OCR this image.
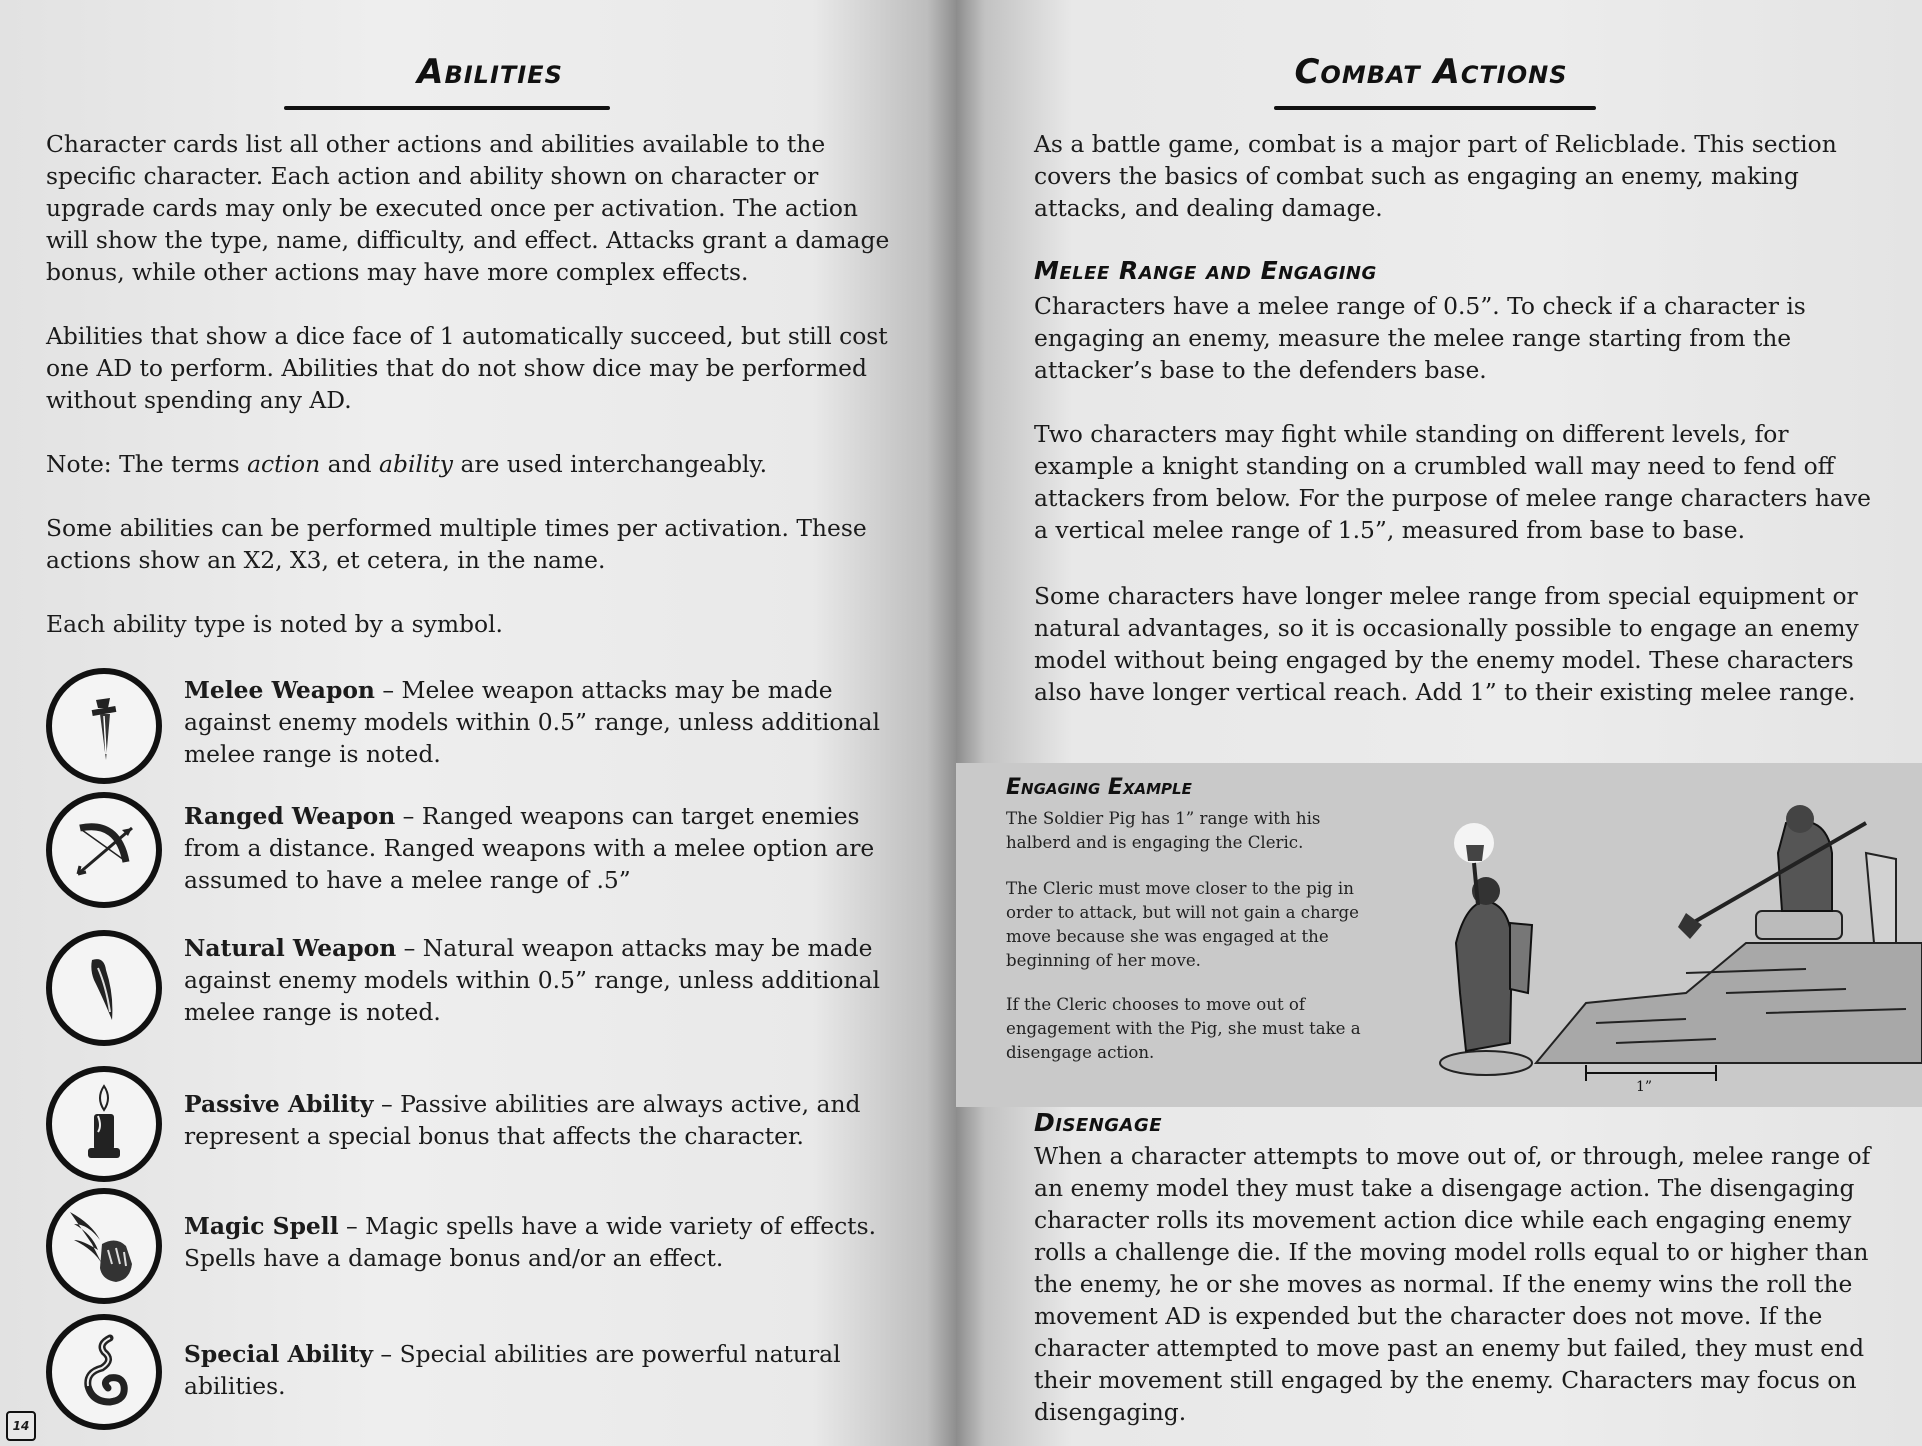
Abilities

Character cards list all other actions and abilities available to the specific character. Each action and ability shown on character or upgrade cards may only be executed once per activation. The action will show the type, name, difficulty, and effect. Attacks grant a damage bonus, while other actions may have more complex effects.

Abilities that show a dice face of 1 automatically succeed, but still cost one AD to perform. Abilities that do not show dice may be performed without spending any AD.

Note: The terms action and ability are used interchangeably.

Some abilities can be performed multiple times per activation. These actions show an X2, X3, et cetera, in the name.

Each ability type is noted by a symbol.

Melee Weapon – Melee weapon attacks may be made against enemy models within 0.5” range, unless additional melee range is noted.

Ranged Weapon – Ranged weapons can target enemies from a distance. Ranged weapons with a melee option are assumed to have a melee range of .5”

Natural Weapon – Natural weapon attacks may be made against enemy models within 0.5” range, unless additional melee range is noted.

Passive Ability – Passive abilities are always active, and represent a special bonus that affects the character.

Magic Spell – Magic spells have a wide variety of effects. Spells have a damage bonus and/or an effect.

Special Ability – Special abilities are powerful natural abilities.

14
Combat Actions

As a battle game, combat is a major part of Relicblade. This section covers the basics of combat such as engaging an enemy, making attacks, and dealing damage.

Melee Range and Engaging

Characters have a melee range of 0.5”. To check if a character is engaging an enemy, measure the melee range starting from the attacker’s base to the defenders base.

Two characters may fight while standing on different levels, for example a knight standing on a crumbled wall may need to fend off attackers from below. For the purpose of melee range characters have a vertical melee range of 1.5”, measured from base to base.

Some characters have longer melee range from special equipment or natural advantages, so it is occasionally possible to engage an enemy model without being engaged by the enemy model. These characters also have longer vertical reach. Add 1” to their existing melee range.

Engaging Example

The Soldier Pig has 1” range with his halberd and is engaging the Cleric.

The Cleric must move closer to the pig in order to attack, but will not gain a charge move because she was engaged at the beginning of her move.

If the Cleric chooses to move out of engagement with the Pig, she must take a disengage action.

1”
Disengage

When a character attempts to move out of, or through, melee range of an enemy model they must take a disengage action. The disengaging character rolls its movement action dice while each engaging enemy rolls a challenge die. If the moving model rolls equal to or higher than the enemy, he or she moves as normal. If the enemy wins the roll the movement AD is expended but the character does not move. If the character attempted to move past an enemy but failed, they must end their movement still engaged by the enemy. Characters may focus on disengaging.
